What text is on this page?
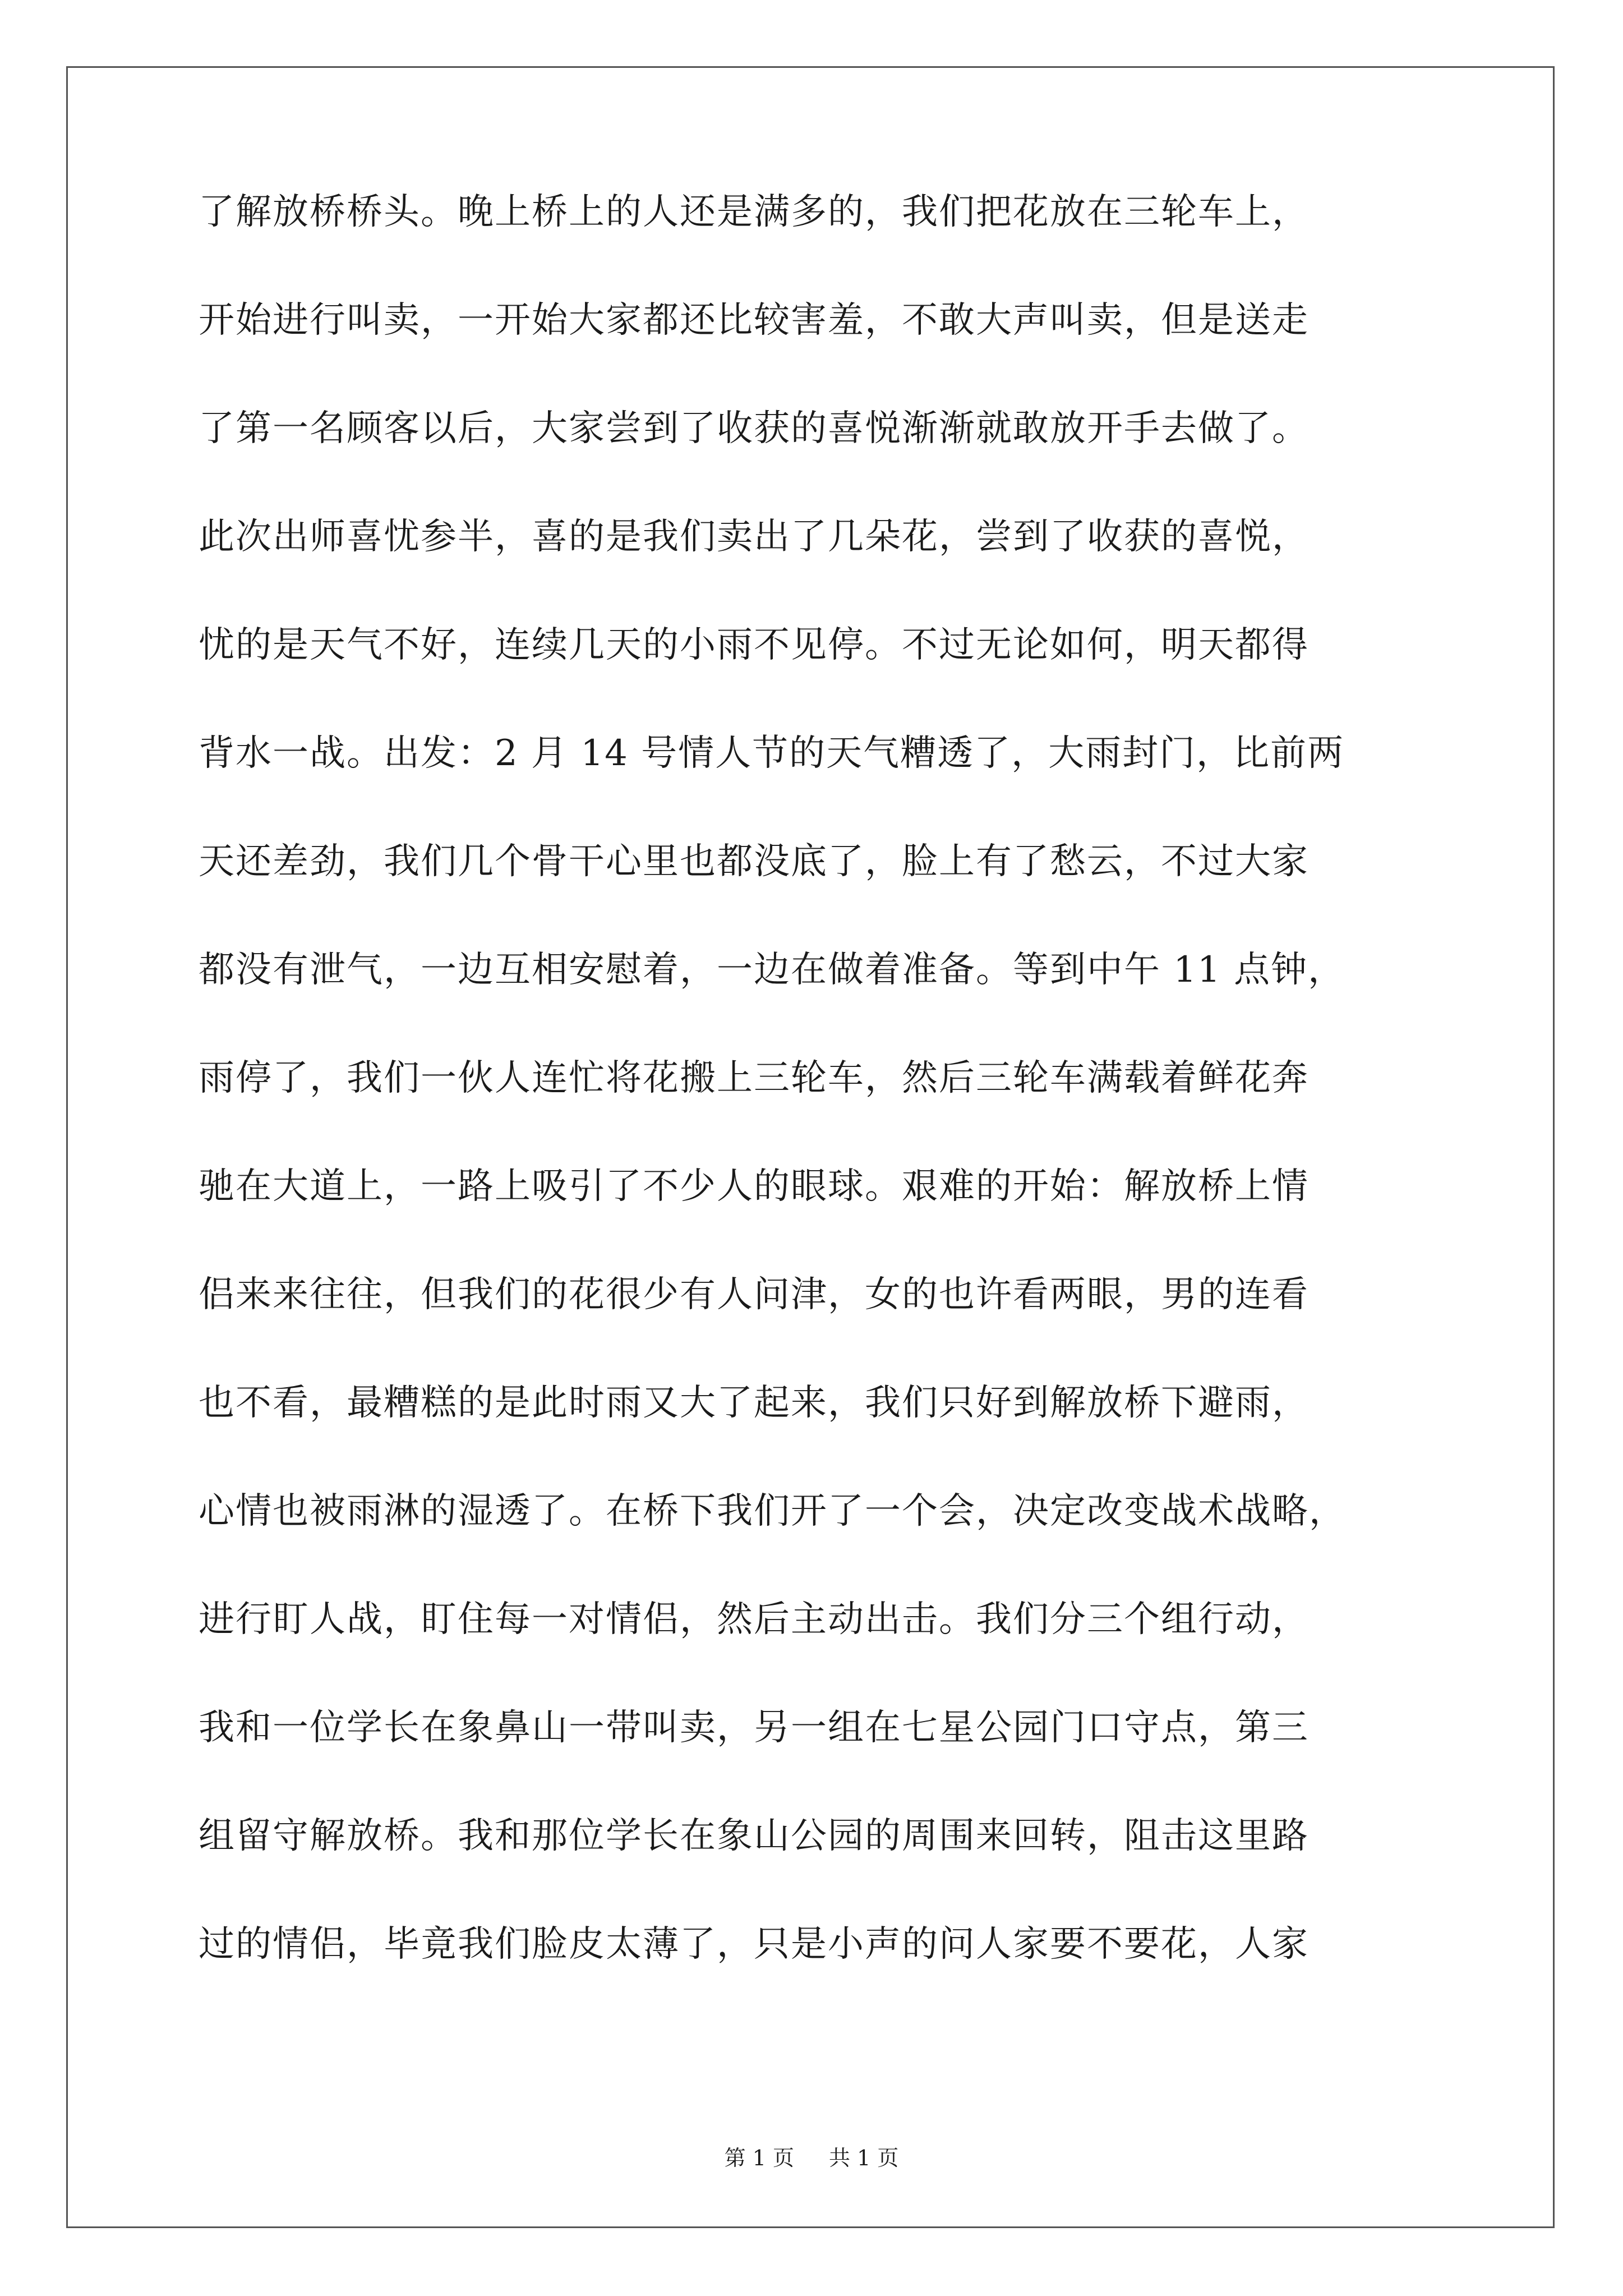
了解放桥桥头。晚上桥上的人还是满多的，我们把花放在三轮车上，
开始进行叫卖，一开始大家都还比较害羞，不敢大声叫卖，但是送走
了第一名顾客以后，大家尝到了收获的喜悦渐渐就敢放开手去做了。
此次出师喜忧参半，喜的是我们卖出了几朵花，尝到了收获的喜悦，
忧的是天气不好，连续几天的小雨不见停。不过无论如何，明天都得
背水一战。出发：2 月 14 号情人节的天气糟透了，大雨封门，比前两
天还差劲，我们几个骨干心里也都没底了，脸上有了愁云，不过大家
都没有泄气，一边互相安慰着，一边在做着准备。等到中午 11 点钟，
雨停了，我们一伙人连忙将花搬上三轮车，然后三轮车满载着鲜花奔
驰在大道上，一路上吸引了不少人的眼球。艰难的开始：解放桥上情
侣来来往往，但我们的花很少有人问津，女的也许看两眼，男的连看
也不看，最糟糕的是此时雨又大了起来，我们只好到解放桥下避雨，
心情也被雨淋的湿透了。在桥下我们开了一个会，决定改变战术战略，
进行盯人战，盯住每一对情侣，然后主动出击。我们分三个组行动，
我和一位学长在象鼻山一带叫卖，另一组在七星公园门口守点，第三
组留守解放桥。我和那位学长在象山公园的周围来回转，阻击这里路
过的情侣，毕竟我们脸皮太薄了，只是小声的问人家要不要花，人家
第 1 页 共 1 页
